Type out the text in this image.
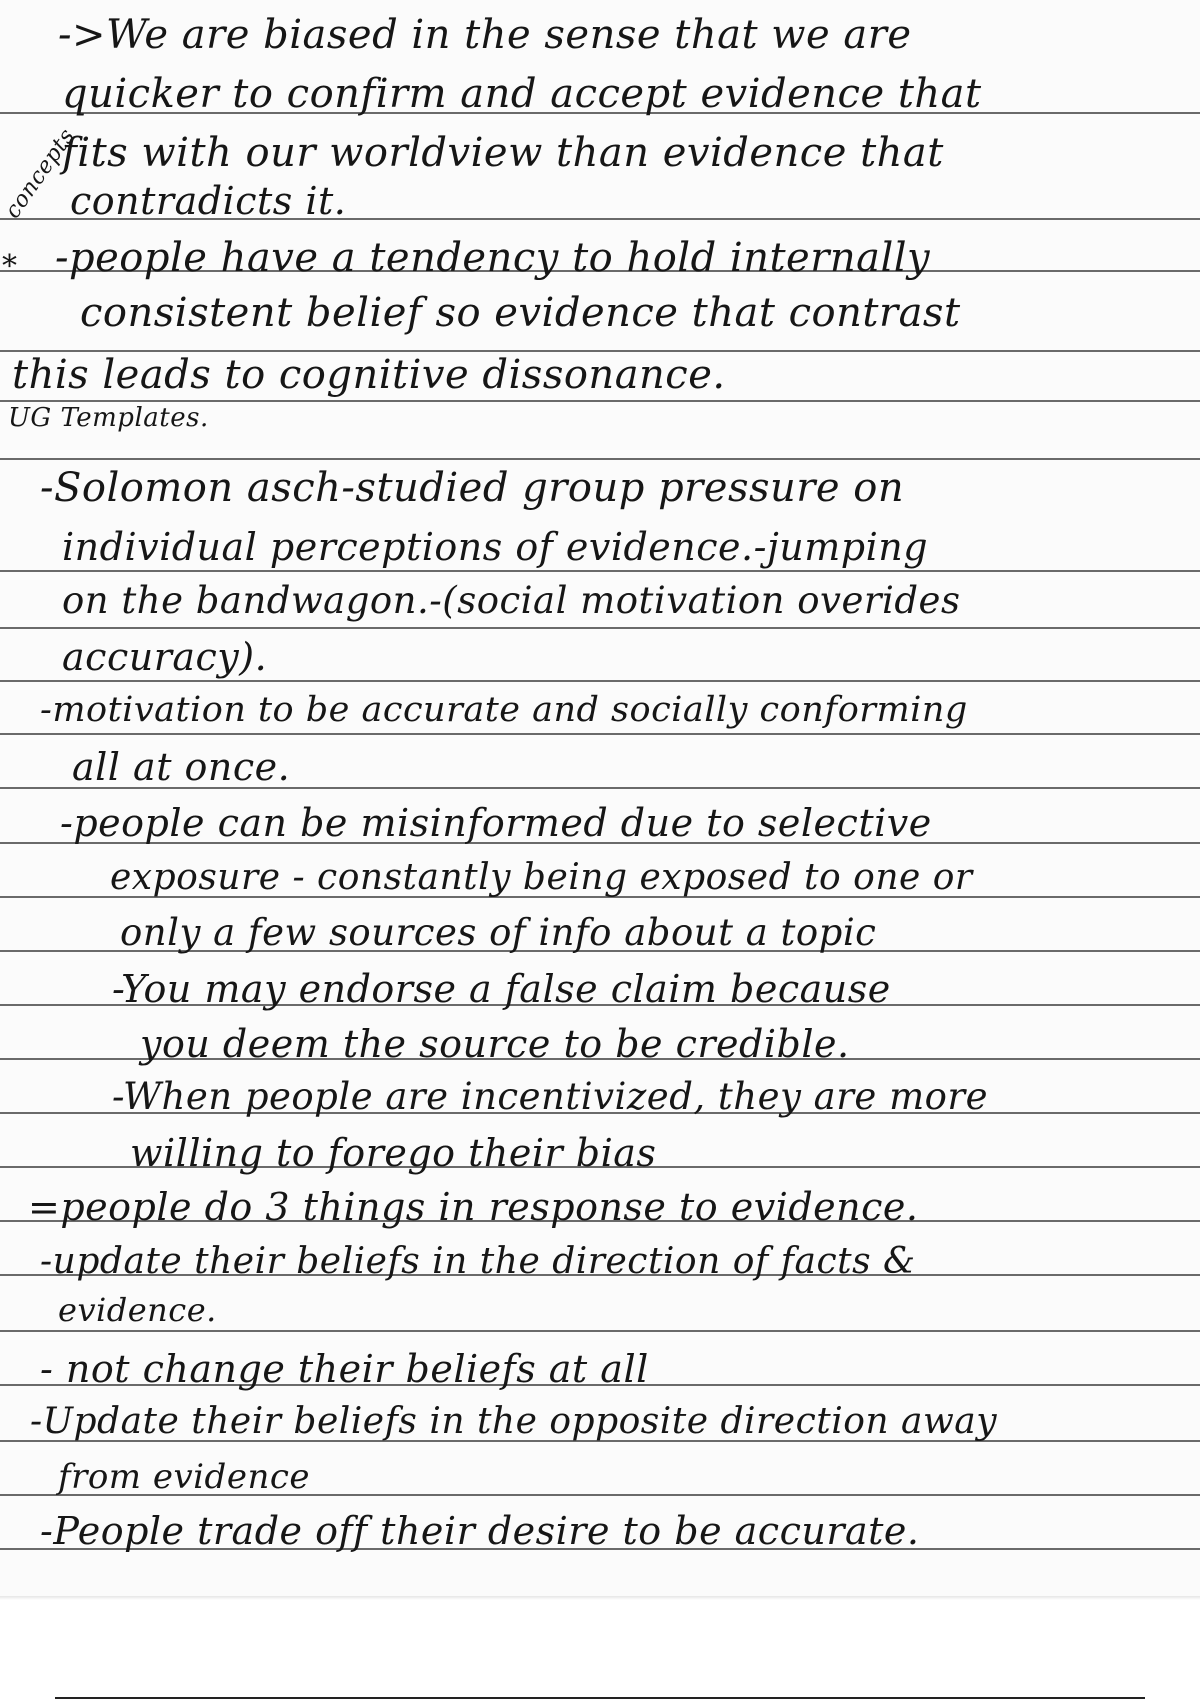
concepts
*
->We are biased in the sense that we are
quicker to confirm and accept evidence that
fits with our worldview than evidence that
contradicts it.
-people have a tendency to hold internally
consistent belief so evidence that contrast
this leads to cognitive dissonance.
UG Templates.
-Solomon asch-studied group pressure on
individual perceptions of evidence.-jumping
on the bandwagon.-(social motivation overides
accuracy).
-motivation to be accurate and socially conforming
all at once.
-people can be misinformed due to selective
exposure - constantly being exposed to one or
only a few sources of info about a topic
-You may endorse a false claim because
you deem the source to be credible.
-When people are incentivized, they are more
willing to forego their bias
=people do 3 things in response to evidence.
-update their beliefs in the direction of facts &
evidence.
- not change their beliefs at all
-Update their beliefs in the opposite direction away
from evidence
-People trade off their desire to be accurate.
